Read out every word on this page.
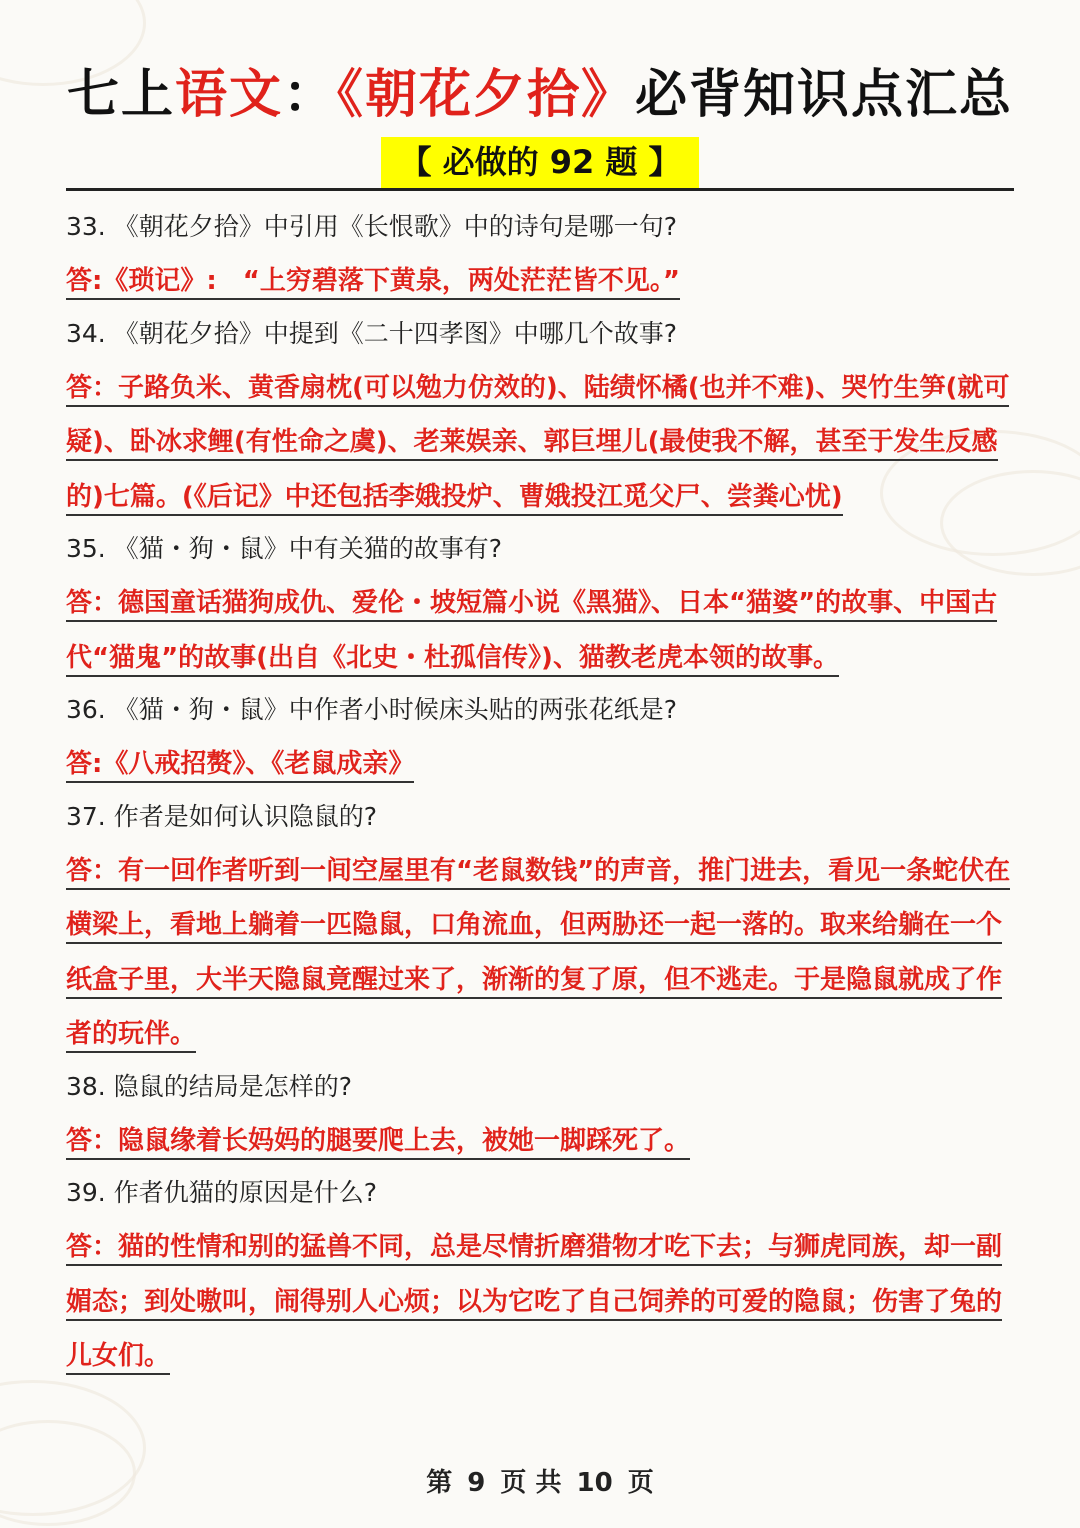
七上语文：《朝花夕拾》必背知识点汇总
【 必做的 92 题 】

33. 《朝花夕拾》中引用《长恨歌》中的诗句是哪一句?

答:《琐记》:　“上穷碧落下黄泉，两处茫茫皆不见。”

34. 《朝花夕拾》中提到《二十四孝图》中哪几个故事?

答：子路负米、黄香扇枕(可以勉力仿效的)、陆绩怀橘(也并不难)、哭竹生笋(就可疑)、卧冰求鲤(有性命之虞)、老莱娱亲、郭巨埋儿(最使我不解，甚至于发生反感的)七篇。(《后记》中还包括李娥投炉、曹娥投江觅父尸、尝粪心忧)

35. 《猫・狗・鼠》中有关猫的故事有?

答：德国童话猫狗成仇、爱伦・坡短篇小说《黑猫》、日本“猫婆”的故事、中国古代“猫鬼”的故事(出自《北史・杜孤信传》)、猫教老虎本领的故事。

36. 《猫・狗・鼠》中作者小时候床头贴的两张花纸是?

答:《八戒招赘》、《老鼠成亲》

37. 作者是如何认识隐鼠的?

答：有一回作者听到一间空屋里有“老鼠数钱”的声音，推门进去，看见一条蛇伏在横梁上，看地上躺着一匹隐鼠，口角流血，但两胁还一起一落的。取来给躺在一个纸盒子里，大半天隐鼠竟醒过来了，渐渐的复了原，但不逃走。于是隐鼠就成了作者的玩伴。

38. 隐鼠的结局是怎样的?

答：隐鼠缘着长妈妈的腿要爬上去，被她一脚踩死了。

39. 作者仇猫的原因是什么?

答：猫的性情和别的猛兽不同，总是尽情折磨猎物才吃下去；与狮虎同族，却一副媚态；到处嗷叫，闹得别人心烦；以为它吃了自己饲养的可爱的隐鼠；伤害了兔的儿女们。

第 9 页 共 10 页
